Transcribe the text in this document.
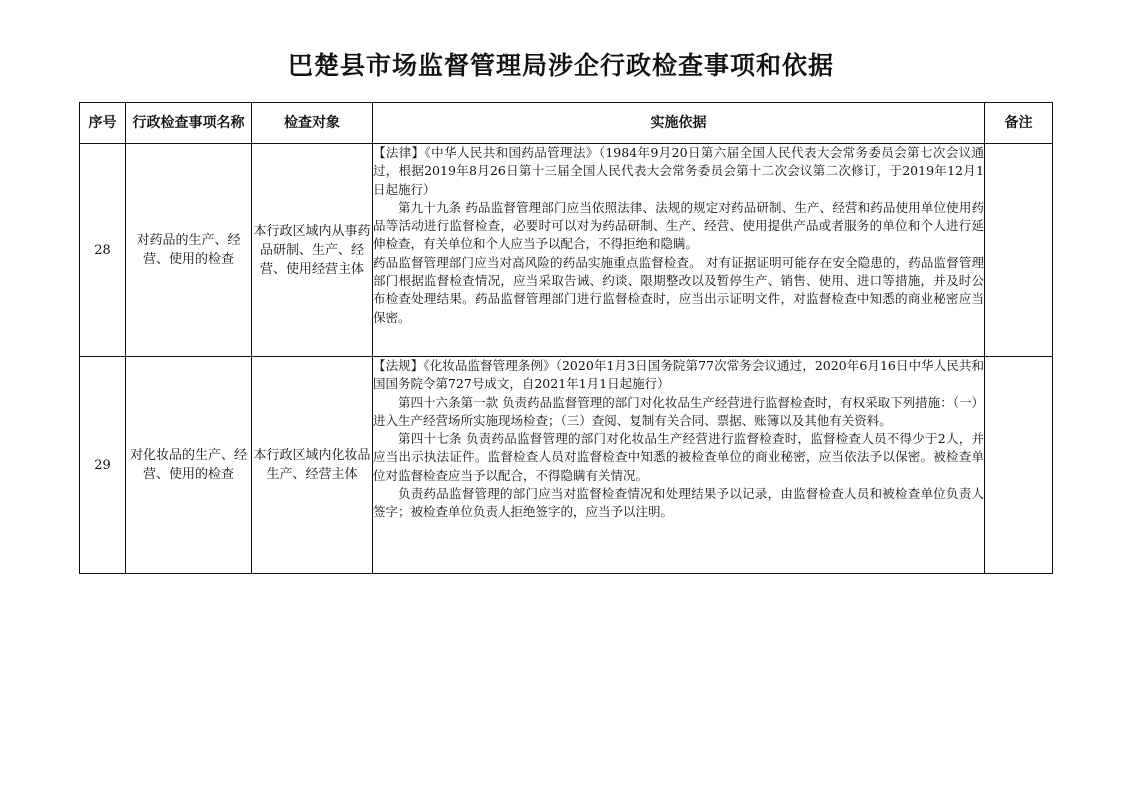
巴楚县市场监督管理局涉企行政检查事项和依据
序号	行政检查事项名称	检查对象	实施依据	备注
28	对药品的生产、经营、使用的检查	本行政区域内从事药品研制、生产、经营、使用经营主体	【法律】《中华人民共和国药品管理法》（1984年9月20日第六届全国人民代表大会常务委员会第七次会议通过，根据2019年8月26日第十三届全国人民代表大会常务委员会第十二次会议第二次修订，于2019年12月1日起施行）

第九十九条 药品监督管理部门应当依照法律、法规的规定对药品研制、生产、经营和药品使用单位使用药品等活动进行监督检查，必要时可以对为药品研制、生产、经营、使用提供产品或者服务的单位和个人进行延伸检查，有关单位和个人应当予以配合，不得拒绝和隐瞒。

药品监督管理部门应当对高风险的药品实施重点监督检查。 对有证据证明可能存在安全隐患的，药品监督管理部门根据监督检查情况，应当采取告诫、约谈、限期整改以及暂停生产、销售、使用、进口等措施，并及时公布检查处理结果。药品监督管理部门进行监督检查时，应当出示证明文件，对监督检查中知悉的商业秘密应当保密。	

29	对化妆品的生产、经营、使用的检查	本行政区域内化妆品生产、经营主体	【法规】《化妆品监督管理条例》（2020年1月3日国务院第77次常务会议通过，2020年6月16日中华人民共和国国务院令第727号成文，自2021年1月1日起施行）

第四十六条第一款 负责药品监督管理的部门对化妆品生产经营进行监督检查时，有权采取下列措施：（一）进入生产经营场所实施现场检查；（三）查阅、复制有关合同、票据、账簿以及其他有关资料。

第四十七条 负责药品监督管理的部门对化妆品生产经营进行监督检查时，监督检查人员不得少于2人，并应当出示执法证件。监督检查人员对监督检查中知悉的被检查单位的商业秘密，应当依法予以保密。被检查单位对监督检查应当予以配合，不得隐瞒有关情况。

负责药品监督管理的部门应当对监督检查情况和处理结果予以记录，由监督检查人员和被检查单位负责人签字；被检查单位负责人拒绝签字的，应当予以注明。	
